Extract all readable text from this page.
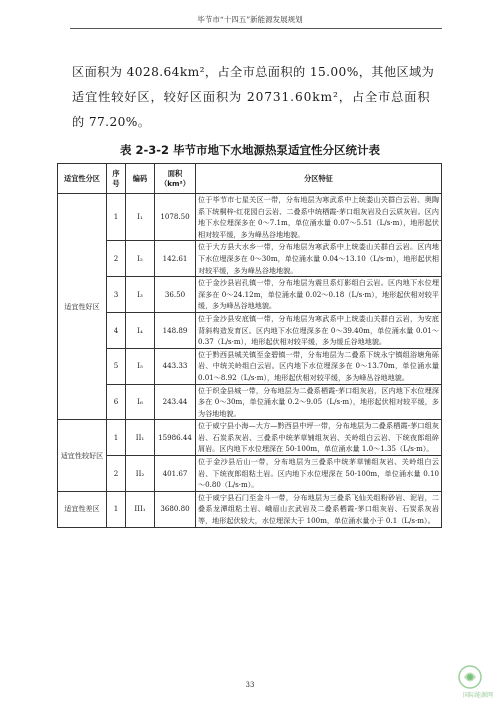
毕节市“十四五”新能源发展规划
区面积为 4028.64km²，占全市总面积的 15.00%，其他区域为
适宜性较好区，较好区面积为 20731.60km²，占全市总面积
的 77.20%。
表 2-3-2 毕节市地下水地源热泵适宜性分区统计表
适宜性分区	序号	编码	面积（km²）	分区特征
适宜性好区	1	I₁	1078.50	位于毕节市七星关区一带，分布地层为寒武系中上统娄山关群白云岩、奥陶系下统桐梓-红花园白云岩、二叠系中统栖霞-茅口组灰岩及白云质灰岩。区内地下水位埋深多在 0～7.1m，单位涌水量 0.07～5.51（L/s·m），地形起伏相对较平缓，多为峰丛谷地地貌。
	2	I₂	142.61	位于大方县大水乡一带，分布地层为寒武系中上统娄山关群白云岩。区内地下水位埋深多在 0～30m，单位涌水量 0.04～13.10（L/s·m），地形起伏相对较平缓，多为峰丛谷地地貌。
	3	I₃	36.50	位于金沙县岩孔镇一带，分布地层为震旦系灯影组白云岩。区内地下水位埋深多在 0～24.12m，单位涌水量 0.02～0.18（L/s·m），地形起伏相对较平缓，多为峰丛谷地地貌。
	4	I₄	148.89	位于金沙县安底镇一带，分布地层为寒武系中上统娄山关群白云岩，为安底背斜构造发育区。区内地下水位埋深多在 0～39.40m，单位涌水量 0.01～0.37（L/s·m），地形起伏相对较平缓，多为缓丘谷地地貌。
	5	I₅	443.33	位于黔西县城关镇至金碧镇一带，分布地层为二叠系下统永宁镇组浴塘角砾岩、中统关岭组白云岩。区内地下水位埋深多在 0～13.70m，单位涌水量 0.01～8.92（L/s·m），地形起伏相对较平缓，多为峰丛谷地地貌。
	6	I₆	243.44	位于织金县城一带，分布地层为二叠系栖霞-茅口组灰岩，区内地下水位埋深多在 0～30m，单位涌水量 0.2～9.05（L/s·m），地形起伏相对较平缓，多为谷地地貌。
适宜性较好区	1	II₁	15986.44	位于威宁县小海—大方—黔西县中坪一带，分布地层为二叠系栖霞-茅口组灰岩、石炭系灰岩、三叠系中统茅草铺组灰岩、关岭组白云岩、下统夜郎组碎屑岩。区内地下水位埋深在 50-100m，单位涌水量 1.0～1.35（L/s·m）。
	2	II₂	401.67	位于金沙县后山一带，分布地层为三叠系中统茅草铺组灰岩、关岭组白云岩、下统夜郎组粘土岩。区内地下水位埋深在 50-100m，单位涌水量 0.10～0.80（L/s·m）。
适宜性差区	1	III₁	3680.80	位于威宁县石门至金斗一带，分布地层为三叠系飞仙关组粉砂岩、泥岩，二叠系龙潭组粘土岩、峨眉山玄武岩及二叠系栖霞-茅口组灰岩、石炭系灰岩等，地形起伏较大，水位埋深大于 100m，单位涌水量小于 0.1（L/s·m）。
33
国际能源网
